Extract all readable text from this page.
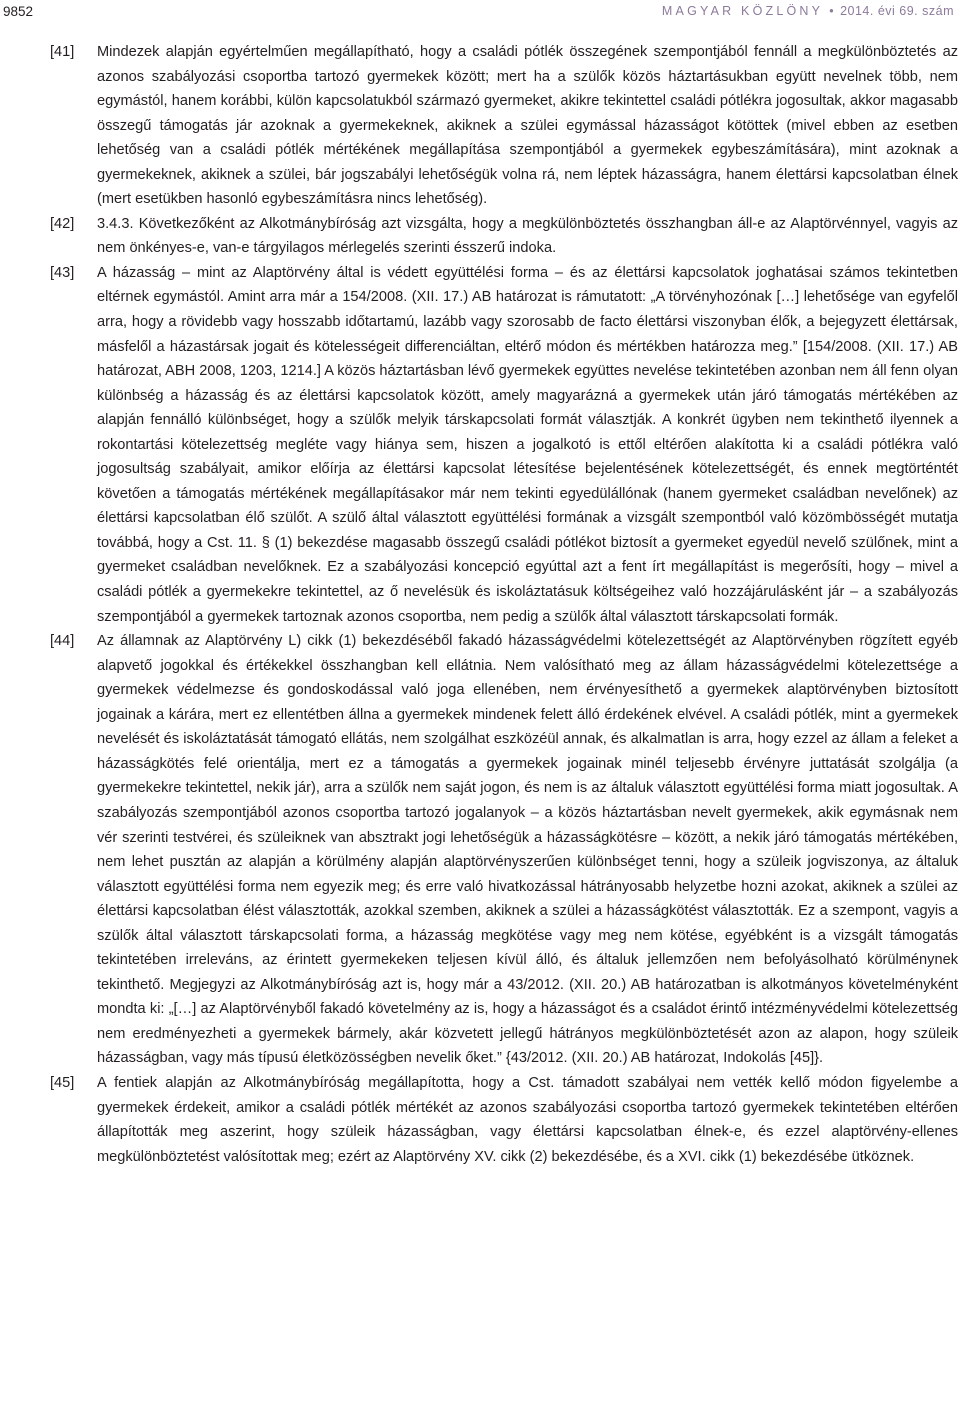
9852	MAGYAR KÖZLÖNY • 2014. évi 69. szám

[41] Mindezek alapján egyértelműen megállapítható, hogy a családi pótlék összegének szempontjából fennáll a megkülönböztetés az azonos szabályozási csoportba tartozó gyermekek között; mert ha a szülők közös háztartásukban együtt nevelnek több, nem egymástól, hanem korábbi, külön kapcsolatukból származó gyermeket, akikre tekintettel családi pótlékra jogosultak, akkor magasabb összegű támogatás jár azoknak a gyermekeknek, akiknek a szülei egymással házasságot kötöttek (mivel ebben az esetben lehetőség van a családi pótlék mértékének megállapítása szempontjából a gyermekek egybeszámítására), mint azoknak a gyermekeknek, akiknek a szülei, bár jogszabályi lehetőségük volna rá, nem léptek házasságra, hanem élettársi kapcsolatban élnek (mert esetükben hasonló egybeszámításra nincs lehetőség).

[42] 3.4.3. Következőként az Alkotmánybíróság azt vizsgálta, hogy a megkülönböztetés összhangban áll-e az Alaptörvénnyel, vagyis az nem önkényes-e, van-e tárgyilagos mérlegelés szerinti ésszerű indoka.

[43] A házasság – mint az Alaptörvény által is védett együttélési forma – és az élettársi kapcsolatok joghatásai számos tekintetben eltérnek egymástól. Amint arra már a 154/2008. (XII. 17.) AB határozat is rámutatott: „A törvényhozónak […] lehetősége van egyfelől arra, hogy a rövidebb vagy hosszabb időtartamú, lazább vagy szorosabb de facto élettársi viszonyban élők, a bejegyzett élettársak, másfelől a házastársak jogait és kötelességeit differenciáltan, eltérő módon és mértékben határozza meg.” [154/2008. (XII. 17.) AB határozat, ABH 2008, 1203, 1214.] A közös háztartásban lévő gyermekek együttes nevelése tekintetében azonban nem áll fenn olyan különbség a házasság és az élettársi kapcsolatok között, amely magyarázná a gyermekek után járó támogatás mértékében az alapján fennálló különbséget, hogy a szülők melyik társkapcsolati formát választják. A konkrét ügyben nem tekinthető ilyennek a rokontartási kötelezettség megléte vagy hiánya sem, hiszen a jogalkotó is ettől eltérően alakította ki a családi pótlékra való jogosultság szabályait, amikor előírja az élettársi kapcsolat létesítése bejelentésének kötelezettségét, és ennek megtörténtét követően a támogatás mértékének megállapításakor már nem tekinti egyedülállónak (hanem gyermeket családban nevelőnek) az élettársi kapcsolatban élő szülőt. A szülő által választott együttélési formának a vizsgált szempontból való közömbösségét mutatja továbbá, hogy a Cst. 11. § (1) bekezdése magasabb összegű családi pótlékot biztosít a gyermeket egyedül nevelő szülőnek, mint a gyermeket családban nevelőknek. Ez a szabályozási koncepció egyúttal azt a fent írt megállapítást is megerősíti, hogy – mivel a családi pótlék a gyermekekre tekintettel, az ő nevelésük és iskoláztatásuk költségeihez való hozzájárulásként jár – a szabályozás szempontjából a gyermekek tartoznak azonos csoportba, nem pedig a szülők által választott társkapcsolati formák.

[44] Az államnak az Alaptörvény L) cikk (1) bekezdéséből fakadó házasságvédelmi kötelezettségét az Alaptörvényben rögzített egyéb alapvető jogokkal és értékekkel összhangban kell ellátnia. Nem valósítható meg az állam házasságvédelmi kötelezettsége a gyermekek védelmezse és gondoskodással való joga ellenében, nem érvényesíthető a gyermekek alaptörvényben biztosított jogainak a kárára, mert ez ellentétben állna a gyermekek mindenek felett álló érdekének elvével. A családi pótlék, mint a gyermekek nevelését és iskoláztatását támogató ellátás, nem szolgálhat eszközéül annak, és alkalmatlan is arra, hogy ezzel az állam a feleket a házasságkötés felé orientálja, mert ez a támogatás a gyermekek jogainak minél teljesebb érvényre juttatását szolgálja (a gyermekekre tekintettel, nekik jár), arra a szülők nem saját jogon, és nem is az általuk választott együttélési forma miatt jogosultak. A szabályozás szempontjából azonos csoportba tartozó jogalanyok – a közös háztartásban nevelt gyermekek, akik egymásnak nem vér szerinti testvérei, és szüleiknek van absztrakt jogi lehetőségük a házasságkötésre – között, a nekik járó támogatás mértékében, nem lehet pusztán az alapján a körülmény alapján alaptörvényszerűen különbséget tenni, hogy a szüleik jogviszonya, az általuk választott együttélési forma nem egyezik meg; és erre való hivatkozással hátrányosabb helyzetbe hozni azokat, akiknek a szülei az élettársi kapcsolatban élést választották, azokkal szemben, akiknek a szülei a házasságkötést választották. Ez a szempont, vagyis a szülők által választott társkapcsolati forma, a házasság megkötése vagy meg nem kötése, egyébként is a vizsgált támogatás tekintetében irreleváns, az érintett gyermekeken teljesen kívül álló, és általuk jellemzően nem befolyásolható körülménynek tekinthető. Megjegyzi az Alkotmánybíróság azt is, hogy már a 43/2012. (XII. 20.) AB határozatban is alkotmányos követelményként mondta ki: „[…] az Alaptörvényből fakadó követelmény az is, hogy a házasságot és a családot érintő intézményvédelmi kötelezettség nem eredményezheti a gyermekek bármely, akár közvetett jellegű hátrányos megkülönböztetését azon az alapon, hogy szüleik házasságban, vagy más típusú életközösségben nevelik őket.” {43/2012. (XII. 20.) AB határozat, Indokolás [45]}.

[45] A fentiek alapján az Alkotmánybíróság megállapította, hogy a Cst. támadott szabályai nem vették kellő módon figyelembe a gyermekek érdekeit, amikor a családi pótlék mértékét az azonos szabályozási csoportba tartozó gyermekek tekintetében eltérően állapították meg aszerint, hogy szüleik házasságban, vagy élettársi kapcsolatban élnek-e, és ezzel alaptörvény-ellenes megkülönböztetést valósítottak meg; ezért az Alaptörvény XV. cikk (2) bekezdésébe, és a XVI. cikk (1) bekezdésébe ütköznek.
